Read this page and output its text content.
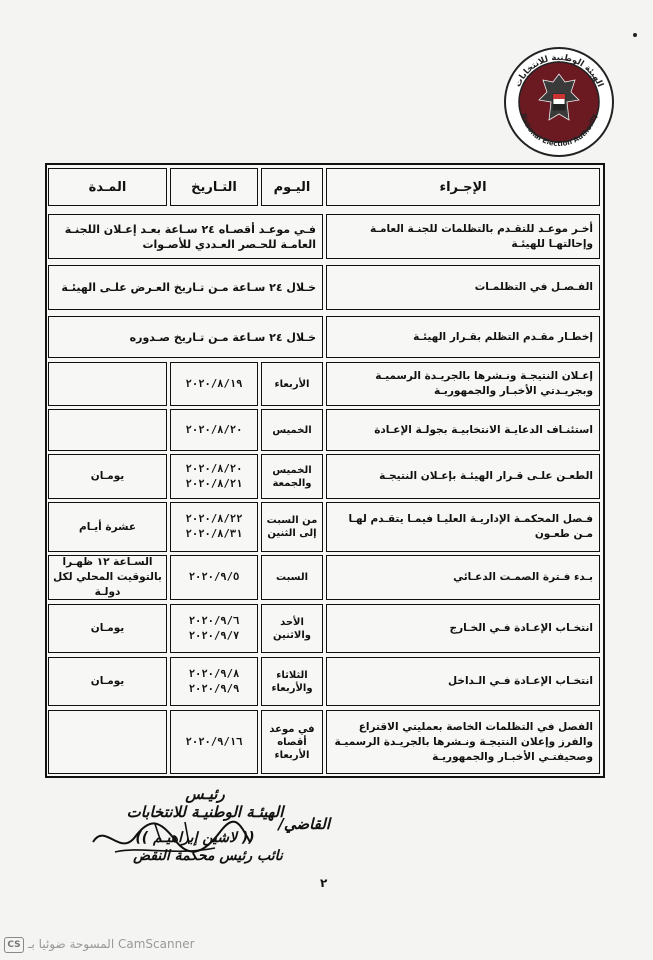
الهيئة الوطنية للانتخابات
National Election Authority
الإجـراء
اليـوم
التـاريخ
المـدة
أخـر موعـد للتقـدم بالتظلمات للجنـة العامـة وإحالتهـا للهيئـة
فـي موعـد أقصـاه ٢٤ سـاعة بعـد إعـلان اللجنـة العامـة للحـصر العـددي للأصـوات
الفـصـل في التظلمـات
خـلال ٢٤ سـاعة مـن تـاريخ العـرض علـى الهيئـة
إخطـار مقـدم التظلم بقـرار الهيئـة
خـلال ٢٤ سـاعة مـن تـاريخ صـدوره
إعـلان النتيجـة ونـشرها بالجريـدة الرسميـة وبجريـدتي الأخبـار والجمهوريـة
الأربعاء
٢٠٢٠/٨/١٩
استئنـاف الدعايـة الانتخابيـة بجولـة الإعـادة
الخميس
٢٠٢٠/٨/٢٠
الطعـن علـى قـرار الهيئـة بإعـلان النتيجـة
الخميس والجمعة
٢٠٢٠/٨/٢٠ ٢٠٢٠/٨/٢١
يومـان
فـصل المحكمـة الإداريـة العليـا فيمـا يتقـدم لهـا مـن طعـون
من السبت إلى الثنين
٢٠٢٠/٨/٢٢ ٢٠٢٠/٨/٣١
عشرة أيـام
بـدء فـترة الصمـت الدعـائي
السبت
٢٠٢٠/٩/٥
السـاعة ١٢ ظهـرا بالتوقيت المحلي لكل دولـة
انتخـاب الإعـادة فـي الخـارج
الأحد والاثنين
٢٠٢٠/٩/٦ ٢٠٢٠/٩/٧
يومـان
انتخـاب الإعـادة فـي الـداخل
الثلاثاء والأربعاء
٢٠٢٠/٩/٨ ٢٠٢٠/٩/٩
يومـان
الفصل في التظلمات الخاصة بعمليتي الاقتراع والفرز وإعلان النتيجـة ونـشرها بالجريـدة الرسميـة وصحيفتـي الأخبـار والجمهوريـة
في موعد أقصاه الأربعاء
٢٠٢٠/٩/١٦
رئيـس
الهيئـة الوطنيـة للانتخابات
القاضي/
(( لاشين إبراهيـم ))
نائب رئيس محكمة النقض
٢
CS CamScanner المسوحة ضوئيا بـ
